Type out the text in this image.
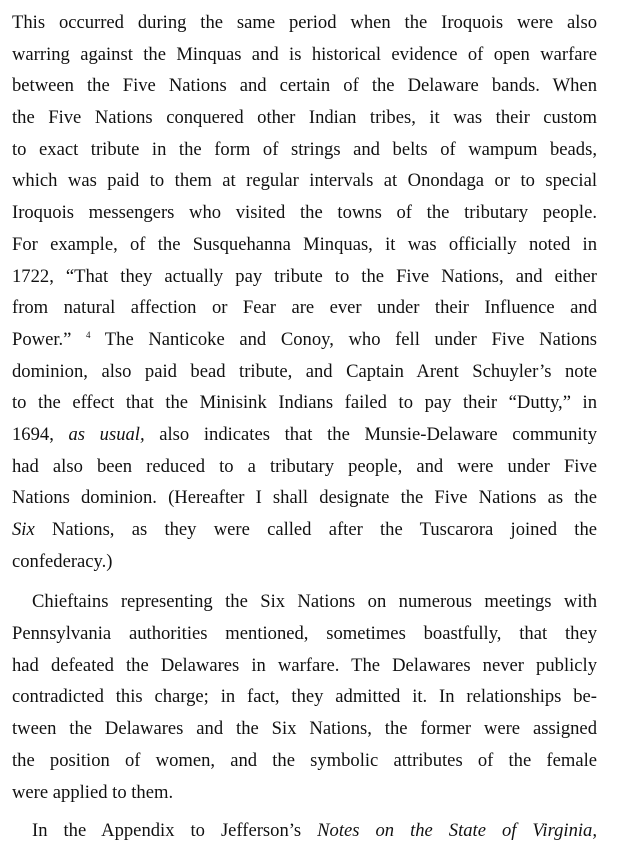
This occurred during the same period when the Iroquois were also
warring against the Minquas and is historical evidence of open warfare
between the Five Nations and certain of the Delaware bands. When
the Five Nations conquered other Indian tribes, it was their custom
to exact tribute in the form of strings and belts of wampum beads,
which was paid to them at regular intervals at Onondaga or to special
Iroquois messengers who visited the towns of the tributary people.
For example, of the Susquehanna Minquas, it was officially noted in
1722, “That they actually pay tribute to the Five Nations, and either
from natural affection or Fear are ever under their Influence and
Power.” $^4$ The Nanticoke and Conoy, who fell under Five Nations
dominion, also paid bead tribute, and Captain Arent Schuyler’s note
to the effect that the Minisink Indians failed to pay their “Dutty,” in
1694, as usual, also indicates that the Munsie-Delaware community
had also been reduced to a tributary people, and were under Five
Nations dominion. (Hereafter I shall designate the Five Nations as the
Six Nations, as they were called after the Tuscarora joined the
confederacy.)
Chieftains representing the Six Nations on numerous meetings with
Pennsylvania authorities mentioned, sometimes boastfully, that they
had defeated the Delawares in warfare. The Delawares never publicly
contradicted this charge; in fact, they admitted it. In relationships be-
tween the Delawares and the Six Nations, the former were assigned
the position of women, and the symbolic attributes of the female
were applied to them.
In the Appendix to Jefferson’s Notes on the State of Virginia,
